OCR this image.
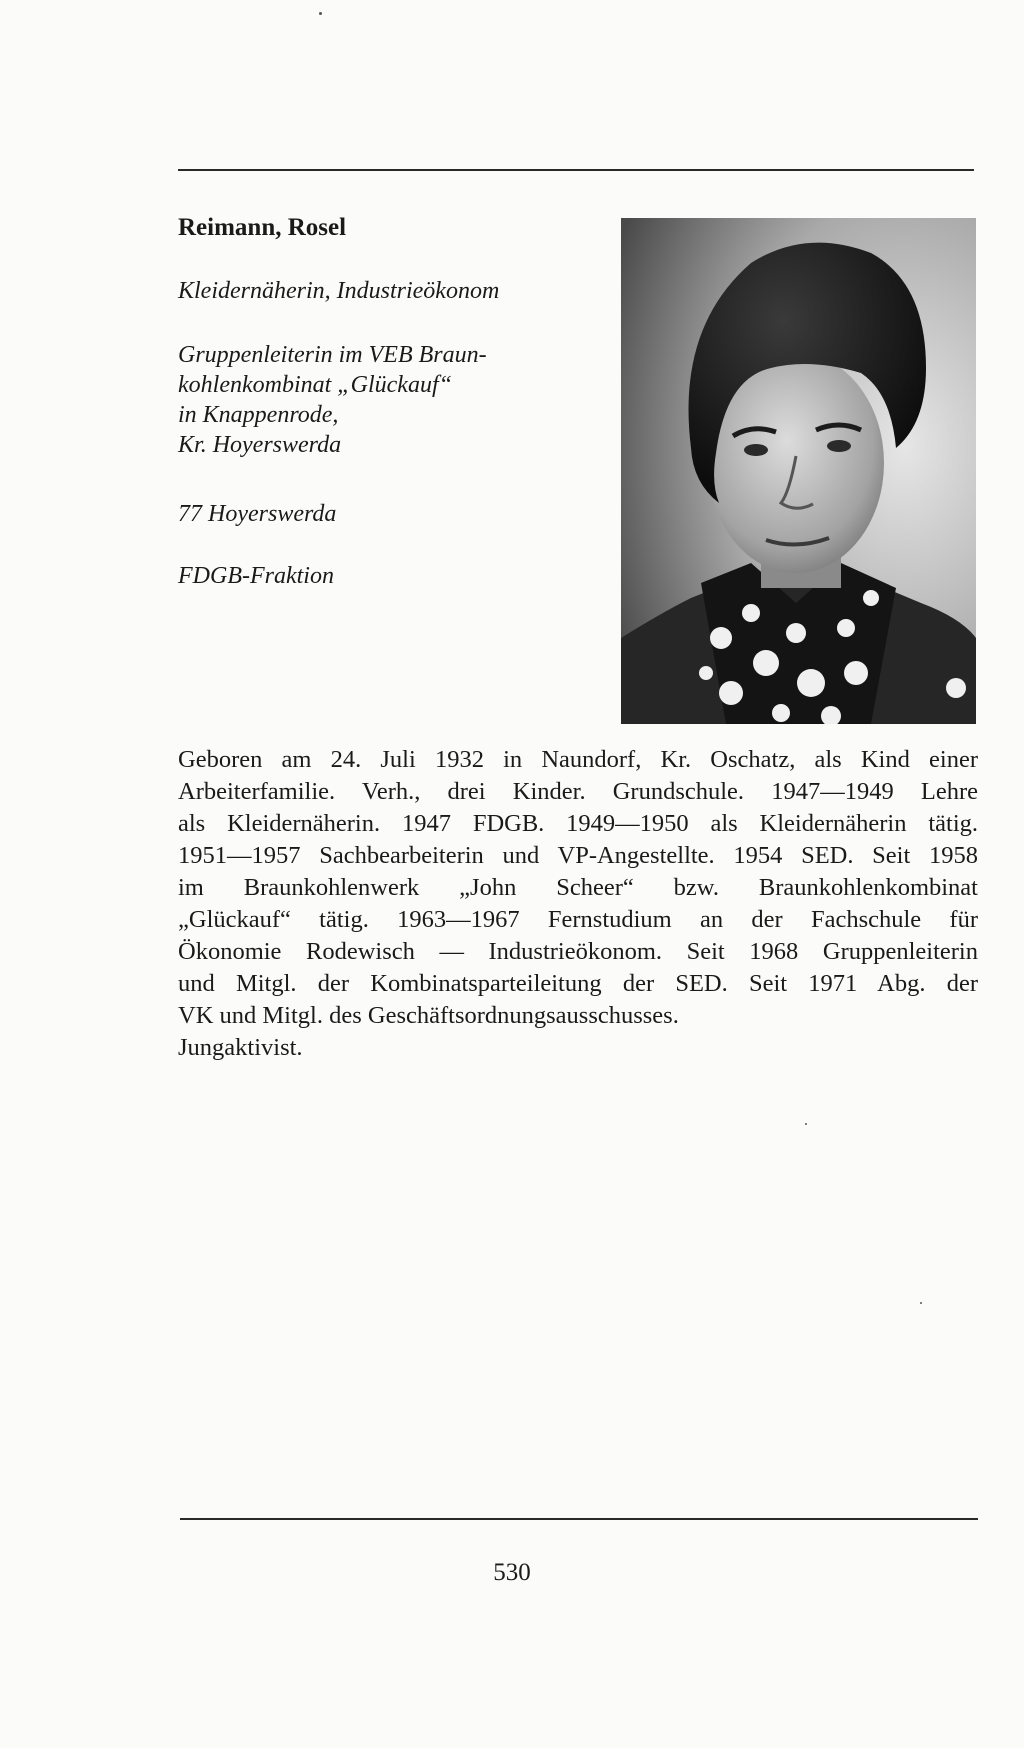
Reimann, Rosel
Kleidernäherin, Industrieökonom
Gruppenleiterin im VEB Braun-
kohlenkombinat „Glückauf“
in Knappenrode,
Kr. Hoyerswerda
77 Hoyerswerda
FDGB-Fraktion
Geboren am 24. Juli 1932 in Naundorf, Kr. Oschatz, als Kind einer
Arbeiterfamilie. Verh., drei Kinder. Grundschule. 1947—1949 Lehre
als Kleidernäherin. 1947 FDGB. 1949—1950 als Kleidernäherin tätig.
1951—1957 Sachbearbeiterin und VP-Angestellte. 1954 SED. Seit 1958
im Braunkohlenwerk „John Scheer“ bzw. Braunkohlenkombinat
„Glückauf“ tätig. 1963—1967 Fernstudium an der Fachschule für
Ökonomie Rodewisch — Industrieökonom. Seit 1968 Gruppenleiterin
und Mitgl. der Kombinatsparteileitung der SED. Seit 1971 Abg. der
VK und Mitgl. des Geschäftsordnungsausschusses.
Jungaktivist.
530
